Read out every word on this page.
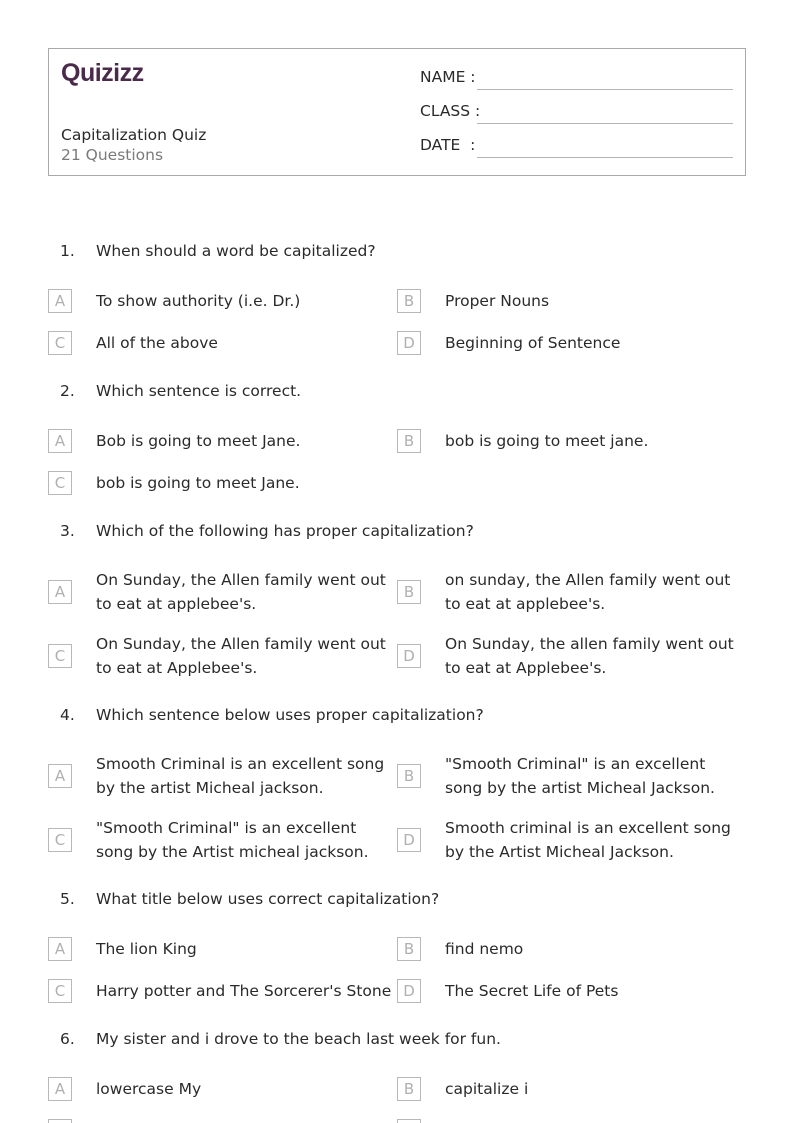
Quizizz
Capitalization Quiz
21 Questions
NAME :
CLASS :
DATE  :
1. When should a word be capitalized?
A	To show authority (i.e. Dr.)	B	Proper Nouns
C	All of the above	D	Beginning of Sentence
2. Which sentence is correct.
A	Bob is going to meet Jane.	B	bob is going to meet jane.
C	bob is going to meet Jane.
3. Which of the following has proper capitalization?
A
On Sunday, the Allen family went out to eat at applebee's.
B
on sunday, the Allen family went out to eat at applebee's.
C
On Sunday, the Allen family went out to eat at Applebee's.
D
On Sunday, the allen family went out to eat at Applebee's.
4. Which sentence below uses proper capitalization?
A
Smooth Criminal is an excellent song by the artist Micheal jackson.
B
"Smooth Criminal" is an excellent song by the artist Micheal Jackson.
C
"Smooth Criminal" is an excellent song by the Artist micheal jackson.
D
Smooth criminal is an excellent song by the Artist Micheal Jackson.
5. What title below uses correct capitalization?
A	The lion King	B	find nemo
C	Harry potter and The Sorcerer's Stone D	The Secret Life of Pets
6. My sister and i drove to the beach last week for fun.
A	lowercase My	B	capitalize i
